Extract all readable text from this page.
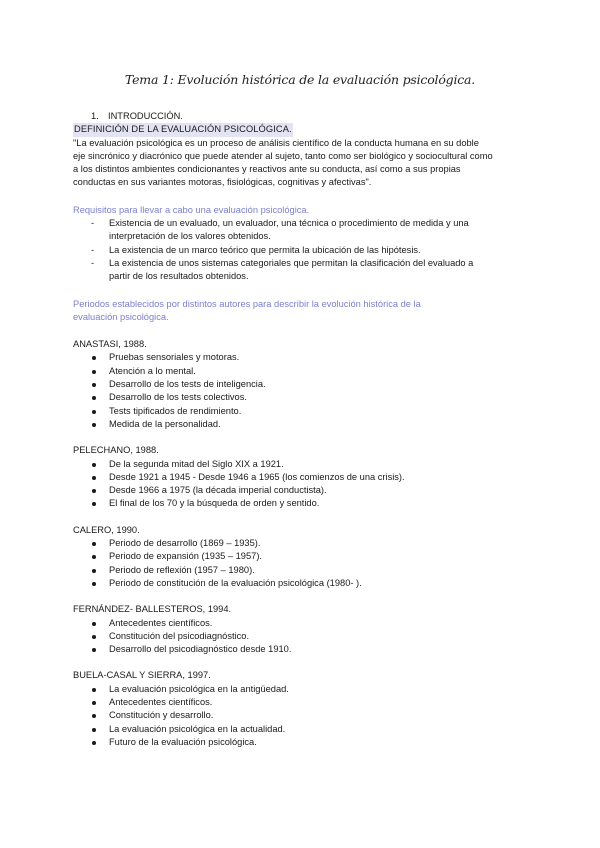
Tema 1: Evolución histórica de la evaluación psicológica.

1. INTRODUCCIÓN.

DEFINICIÓN DE LA EVALUACIÓN PSICOLÓGICA.

"La evaluación psicológica es un proceso de análisis científico de la conducta humana en su doble
eje sincrónico y diacrónico que puede atender al sujeto, tanto como ser biológico y sociocultural como
a los distintos ambientes condicionantes y reactivos ante su conducta, así como a sus propias
conductas en sus variantes motoras, fisiológicas, cognitivas y afectivas".

Requisitos para llevar a cabo una evaluación psicológica.

- Existencia de un evaluado, un evaluador, una técnica o procedimiento de medida y una
interpretación de los valores obtenidos.
- La existencia de un marco teórico que permita la ubicación de las hipótesis.
- La existencia de unos sistemas categoriales que permitan la clasificación del evaluado a
partir de los resultados obtenidos.
Periodos establecidos por distintos autores para describir la evolución histórica de la
evaluación psicológica.

ANASTASI, 1988.

Pruebas sensoriales y motoras.
Atención a lo mental.
Desarrollo de los tests de inteligencia.
Desarrollo de los tests colectivos.
Tests tipificados de rendimiento.
Medida de la personalidad.

PELECHANO, 1988.

De la segunda mitad del Siglo XIX a 1921.
Desde 1921 a 1945 - Desde 1946 a 1965 (los comienzos de una crisis).
Desde 1966 a 1975 (la década imperial conductista).
El final de los 70 y la búsqueda de orden y sentido.

CALERO, 1990.

Periodo de desarrollo (1869 – 1935).
Periodo de expansión (1935 – 1957).
Periodo de reflexión (1957 – 1980).
Periodo de constitución de la evaluación psicológica (1980- ).

FERNÁNDEZ- BALLESTEROS, 1994.

Antecedentes científicos.
Constitución del psicodiagnóstico.
Desarrollo del psicodiagnóstico desde 1910.

BUELA-CASAL Y SIERRA, 1997.

La evaluación psicológica en la antigüedad.
Antecedentes científicos.
Constitución y desarrollo.
La evaluación psicológica en la actualidad.
Futuro de la evaluación psicológica.
